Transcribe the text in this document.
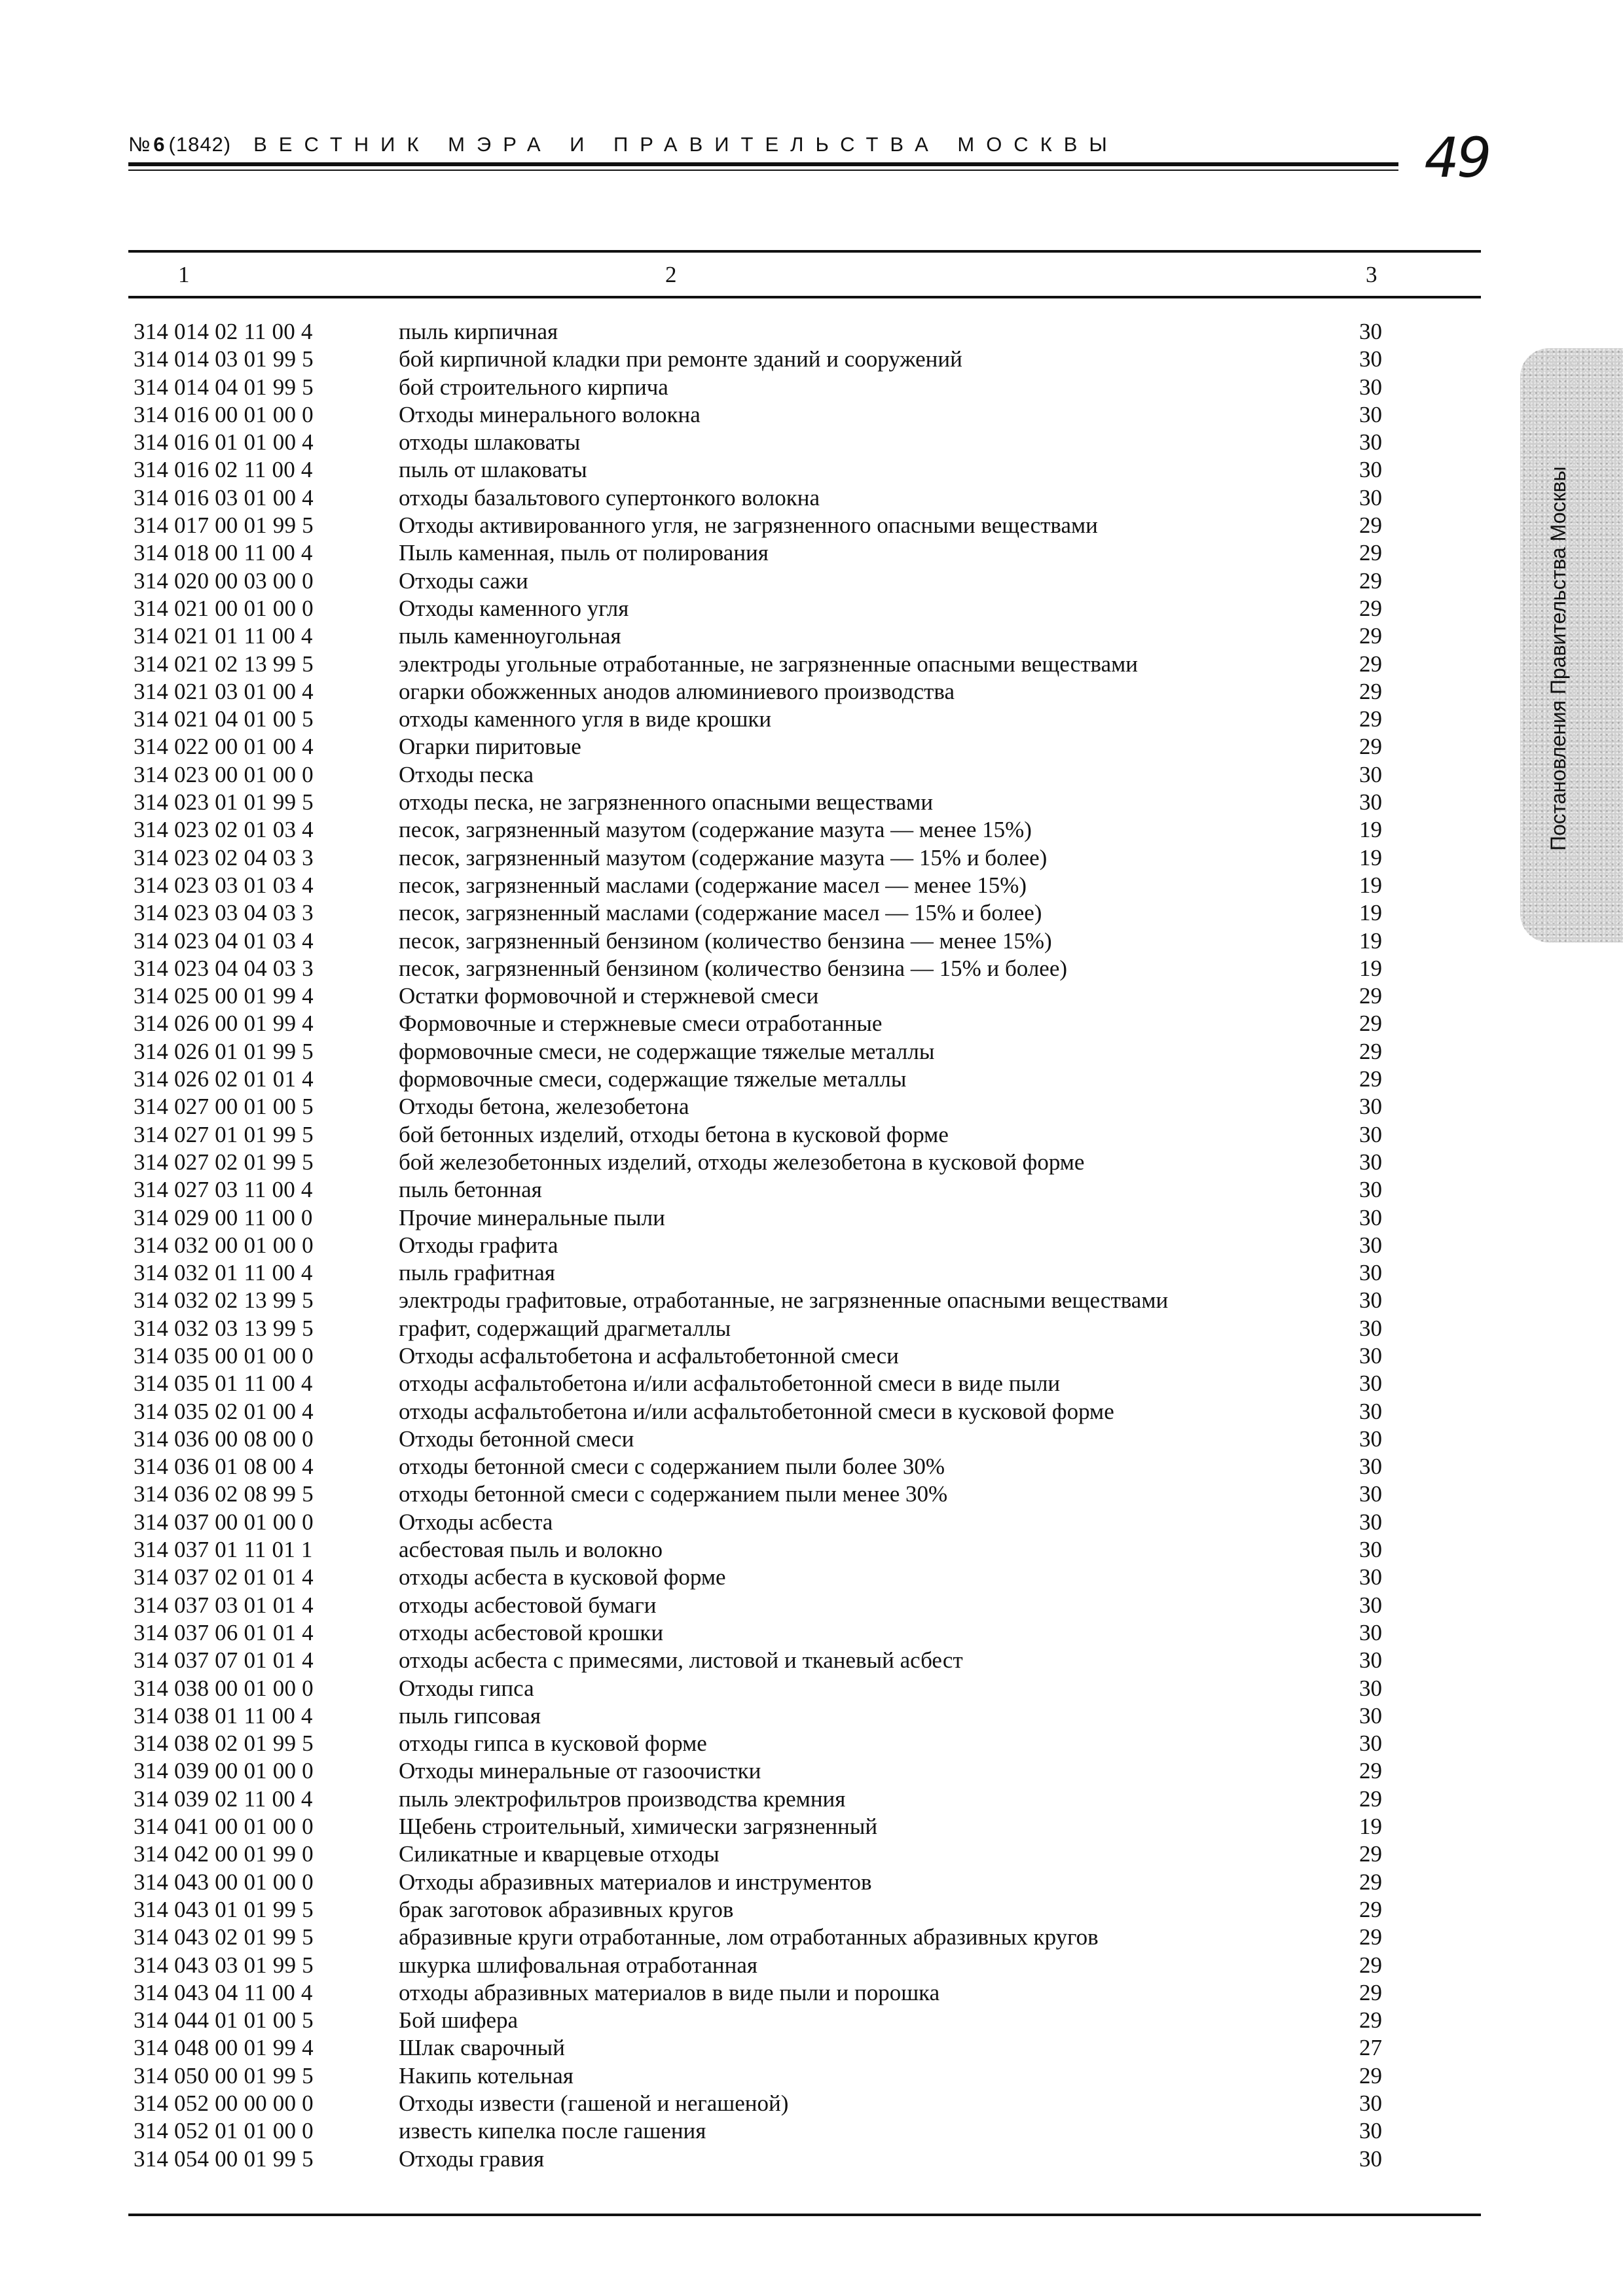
№ 6 (1842) ВЕСТНИК МЭРА И ПРАВИТЕЛЬСТВА МОСКВЫ	49
Постановления Правительства Москвы
1	2	3
314 014 02 11 00 4	пыль кирпичная	30
314 014 03 01 99 5	бой кирпичной кладки при ремонте зданий и сооружений	30
314 014 04 01 99 5	бой строительного кирпича	30
314 016 00 01 00 0	Отходы минерального волокна	30
314 016 01 01 00 4	отходы шлаковаты	30
314 016 02 11 00 4	пыль от шлаковаты	30
314 016 03 01 00 4	отходы базальтового супертонкого волокна	30
314 017 00 01 99 5	Отходы активированного угля, не загрязненного опасными веществами	29
314 018 00 11 00 4	Пыль каменная, пыль от полирования	29
314 020 00 03 00 0	Отходы сажи	29
314 021 00 01 00 0	Отходы каменного угля	29
314 021 01 11 00 4	пыль каменноугольная	29
314 021 02 13 99 5	электроды угольные отработанные, не загрязненные опасными веществами	29
314 021 03 01 00 4	огарки обожженных анодов алюминиевого производства	29
314 021 04 01 00 5	отходы каменного угля в виде крошки	29
314 022 00 01 00 4	Огарки пиритовые	29
314 023 00 01 00 0	Отходы песка	30
314 023 01 01 99 5	отходы песка, не загрязненного опасными веществами	30
314 023 02 01 03 4	песок, загрязненный мазутом (содержание мазута — менее 15%)	19
314 023 02 04 03 3	песок, загрязненный мазутом (содержание мазута — 15% и более)	19
314 023 03 01 03 4	песок, загрязненный маслами (содержание масел — менее 15%)	19
314 023 03 04 03 3	песок, загрязненный маслами (содержание масел — 15% и более)	19
314 023 04 01 03 4	песок, загрязненный бензином (количество бензина — менее 15%)	19
314 023 04 04 03 3	песок, загрязненный бензином (количество бензина — 15% и более)	19
314 025 00 01 99 4	Остатки формовочной и стержневой смеси	29
314 026 00 01 99 4	Формовочные и стержневые смеси отработанные	29
314 026 01 01 99 5	формовочные смеси, не содержащие тяжелые металлы	29
314 026 02 01 01 4	формовочные смеси, содержащие тяжелые металлы	29
314 027 00 01 00 5	Отходы бетона, железобетона	30
314 027 01 01 99 5	бой бетонных изделий, отходы бетона в кусковой форме	30
314 027 02 01 99 5	бой железобетонных изделий, отходы железобетона в кусковой форме	30
314 027 03 11 00 4	пыль бетонная	30
314 029 00 11 00 0	Прочие минеральные пыли	30
314 032 00 01 00 0	Отходы графита	30
314 032 01 11 00 4	пыль графитная	30
314 032 02 13 99 5	электроды графитовые, отработанные, не загрязненные опасными веществами	30
314 032 03 13 99 5	графит, содержащий драгметаллы	30
314 035 00 01 00 0	Отходы асфальтобетона и асфальтобетонной смеси	30
314 035 01 11 00 4	отходы асфальтобетона и/или асфальтобетонной смеси в виде пыли	30
314 035 02 01 00 4	отходы асфальтобетона и/или асфальтобетонной смеси в кусковой форме	30
314 036 00 08 00 0	Отходы бетонной смеси	30
314 036 01 08 00 4	отходы бетонной смеси с содержанием пыли более 30%	30
314 036 02 08 99 5	отходы бетонной смеси с содержанием пыли менее 30%	30
314 037 00 01 00 0	Отходы асбеста	30
314 037 01 11 01 1	асбестовая пыль и волокно	30
314 037 02 01 01 4	отходы асбеста в кусковой форме	30
314 037 03 01 01 4	отходы асбестовой бумаги	30
314 037 06 01 01 4	отходы асбестовой крошки	30
314 037 07 01 01 4	отходы асбеста с примесями, листовой и тканевый асбест	30
314 038 00 01 00 0	Отходы гипса	30
314 038 01 11 00 4	пыль гипсовая	30
314 038 02 01 99 5	отходы гипса в кусковой форме	30
314 039 00 01 00 0	Отходы минеральные от газоочистки	29
314 039 02 11 00 4	пыль электрофильтров производства кремния	29
314 041 00 01 00 0	Щебень строительный, химически загрязненный	19
314 042 00 01 99 0	Силикатные и кварцевые отходы	29
314 043 00 01 00 0	Отходы абразивных материалов и инструментов	29
314 043 01 01 99 5	брак заготовок абразивных кругов	29
314 043 02 01 99 5	абразивные круги отработанные, лом отработанных абразивных кругов	29
314 043 03 01 99 5	шкурка шлифовальная отработанная	29
314 043 04 11 00 4	отходы абразивных материалов в виде пыли и порошка	29
314 044 01 01 00 5	Бой шифера	29
314 048 00 01 99 4	Шлак сварочный	27
314 050 00 01 99 5	Накипь котельная	29
314 052 00 00 00 0	Отходы извести (гашеной и негашеной)	30
314 052 01 01 00 0	известь кипелка после гашения	30
314 054 00 01 99 5	Отходы гравия	30
